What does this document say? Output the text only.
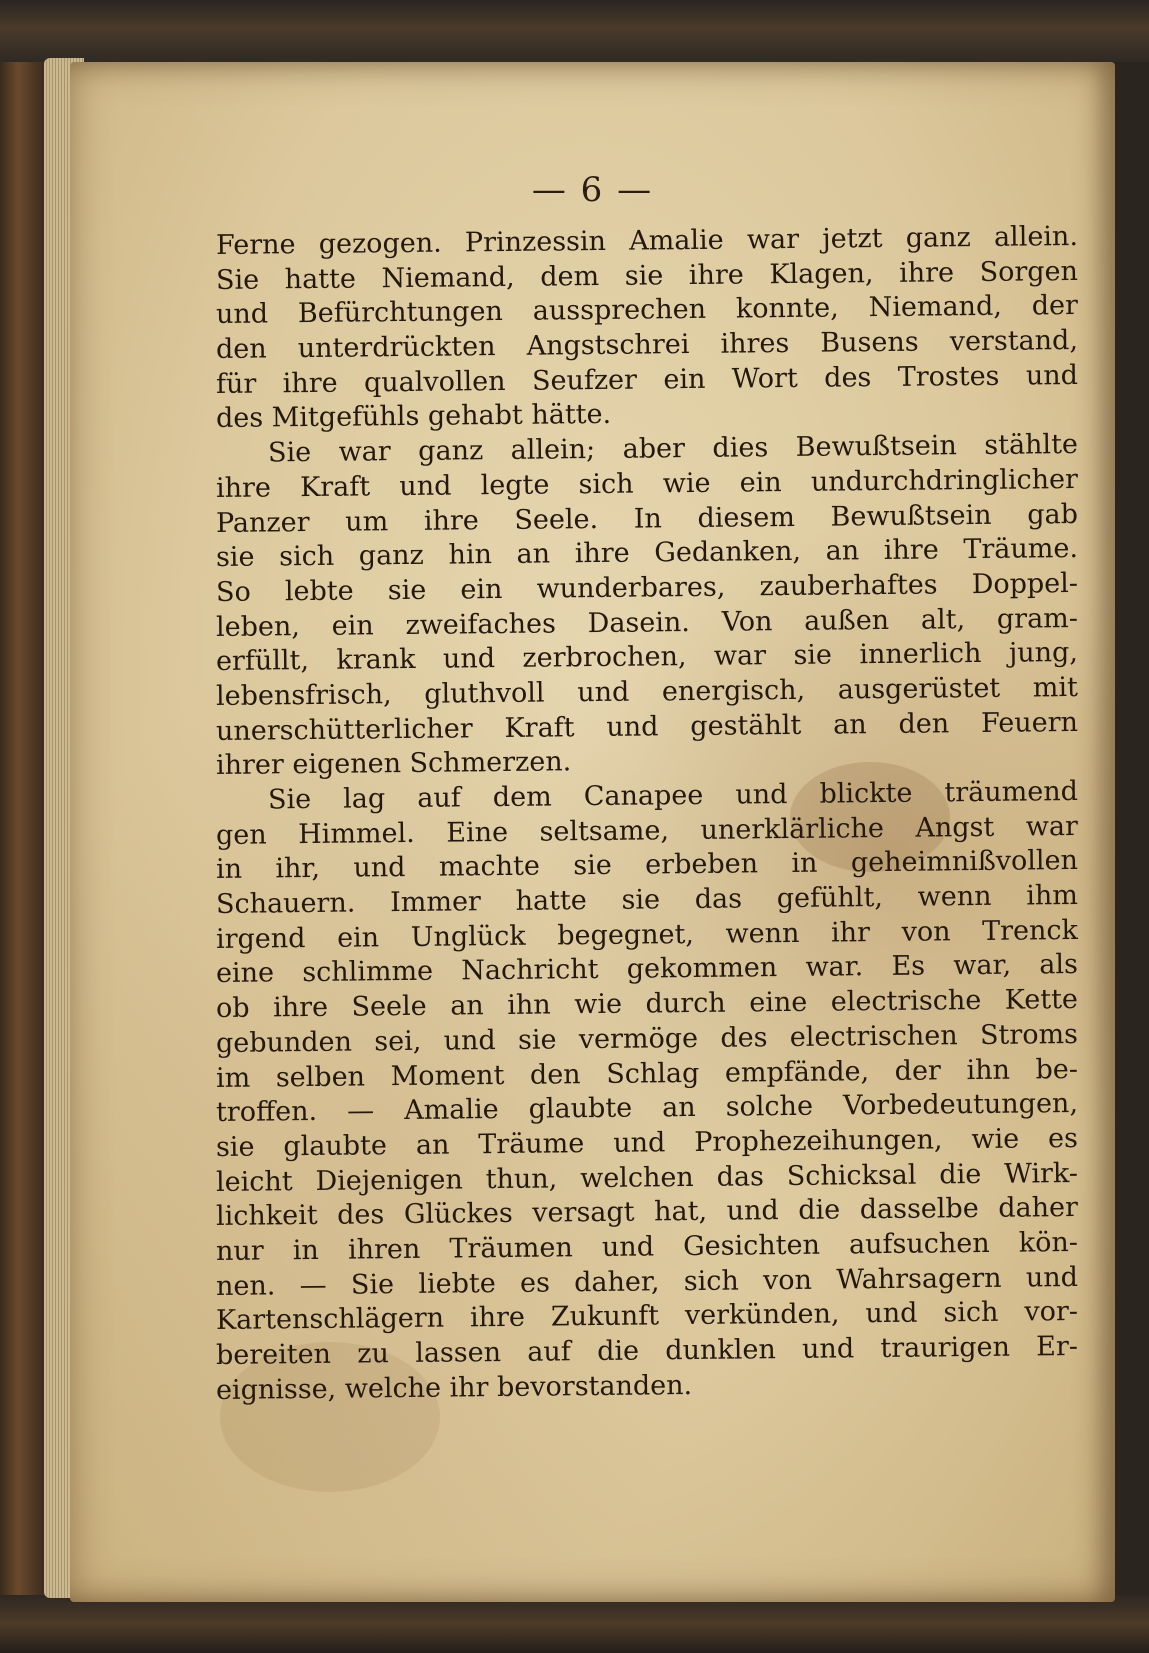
— 6 —

Ferne gezogen. Prinzessin Amalie war jetzt ganz allein.
Sie hatte Niemand, dem sie ihre Klagen, ihre Sorgen
und Befürchtungen aussprechen konnte, Niemand, der
den unterdrückten Angstschrei ihres Busens verstand,
für ihre qualvollen Seufzer ein Wort des Trostes und
des Mitgefühls gehabt hätte.
Sie war ganz allein; aber dies Bewußtsein stählte
ihre Kraft und legte sich wie ein undurchdringlicher
Panzer um ihre Seele. In diesem Bewußtsein gab
sie sich ganz hin an ihre Gedanken, an ihre Träume.
So lebte sie ein wunderbares, zauberhaftes Doppel-
leben, ein zweifaches Dasein. Von außen alt, gram-
erfüllt, krank und zerbrochen, war sie innerlich jung,
lebensfrisch, gluthvoll und energisch, ausgerüstet mit
unerschütterlicher Kraft und gestählt an den Feuern
ihrer eigenen Schmerzen.
Sie lag auf dem Canapee und blickte träumend
gen Himmel. Eine seltsame, unerklärliche Angst war
in ihr, und machte sie erbeben in geheimnißvollen
Schauern. Immer hatte sie das gefühlt, wenn ihm
irgend ein Unglück begegnet, wenn ihr von Trenck
eine schlimme Nachricht gekommen war. Es war, als
ob ihre Seele an ihn wie durch eine electrische Kette
gebunden sei, und sie vermöge des electrischen Stroms
im selben Moment den Schlag empfände, der ihn be-
troffen. — Amalie glaubte an solche Vorbedeutungen,
sie glaubte an Träume und Prophezeihungen, wie es
leicht Diejenigen thun, welchen das Schicksal die Wirk-
lichkeit des Glückes versagt hat, und die dasselbe daher
nur in ihren Träumen und Gesichten aufsuchen kön-
nen. — Sie liebte es daher, sich von Wahrsagern und
Kartenschlägern ihre Zukunft verkünden, und sich vor-
bereiten zu lassen auf die dunklen und traurigen Er-
eignisse, welche ihr bevorstanden.
